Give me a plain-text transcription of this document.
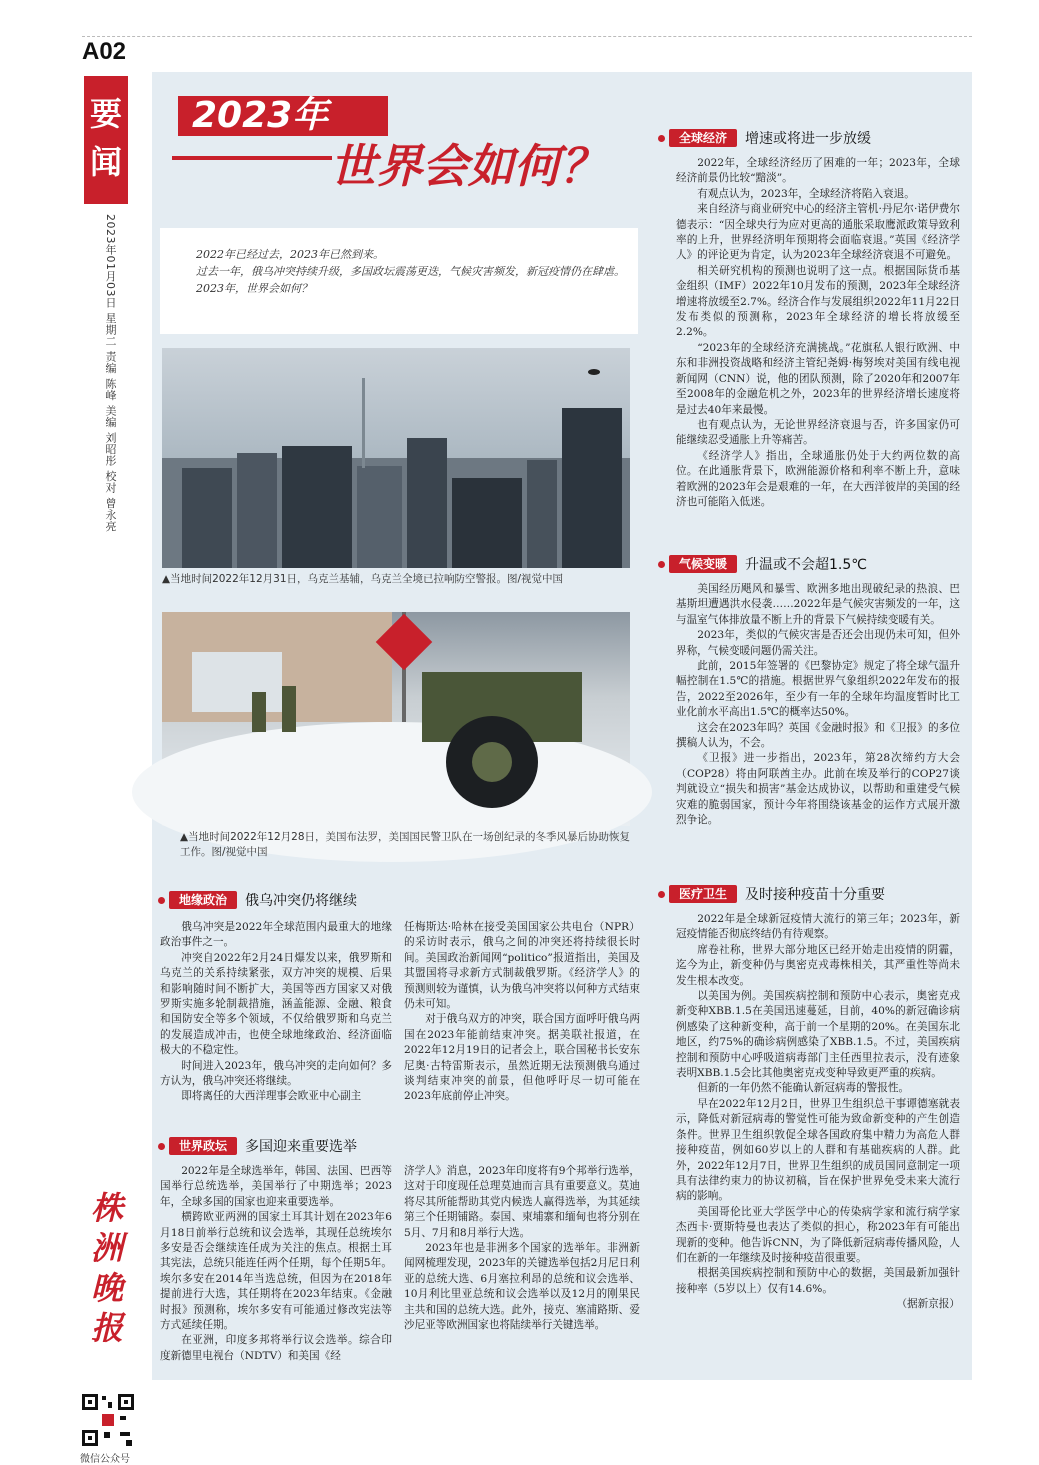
A02
要闻
2023年01月03日 星期二 责编 陈峰 美编 刘昭彤 校对 曾永亮
株洲晚报
2023年
世界会如何？
2022年已经过去，2023年已然到来。
过去一年，俄乌冲突持续升级，多国政坛震荡更迭，气候灾害频发，新冠疫情仍在肆虐。
2023年，世界会如何？
▲当地时间2022年12月31日，乌克兰基辅，乌克兰全境已拉响防空警报。图/视觉中国
▲当地时间2022年12月28日，美国布法罗，美国国民警卫队在一场创纪录的冬季风暴后协助恢复工作。图/视觉中国
全球经济	增速或将进一步放缓

2022年，全球经济经历了困难的一年；2023年，全球经济前景仍比较“黯淡”。

有观点认为，2023年，全球经济将陷入衰退。

来自经济与商业研究中心的经济主管机·丹尼尔·诺伊费尔德表示：“因全球央行为应对更高的通胀采取鹰派政策导致利率的上升，世界经济明年预期将会面临衰退。”英国《经济学人》的评论更为肯定，认为2023年全球经济衰退不可避免。

相关研究机构的预测也说明了这一点。根据国际货币基金组织（IMF）2022年10月发布的预测，2023年全球经济增速将放缓至2.7%。经济合作与发展组织2022年11月22日发布类似的预测称，2023年全球经济的增长将放缓至2.2%。

“2023年的全球经济充满挑战。”花旗私人银行欧洲、中东和非洲投资战略和经济主管纪尧姆·梅努埃对美国有线电视新闻网（CNN）说，他的团队预测，除了2020年和2007年至2008年的金融危机之外，2023年的世界经济增长速度将是过去40年来最慢。

也有观点认为，无论世界经济衰退与否，许多国家仍可能继续忍受通胀上升等痛苦。

《经济学人》指出，全球通胀仍处于大约两位数的高位。在此通胀背景下，欧洲能源价格和利率不断上升，意味着欧洲的2023年会是艰难的一年，在大西洋彼岸的美国的经济也可能陷入低迷。

气候变暖	升温或不会超1.5℃

美国经历飓风和暴雪、欧洲多地出现破纪录的热浪、巴基斯坦遭遇洪水侵袭……2022年是气候灾害频发的一年，这与温室气体排放量不断上升的背景下气候持续变暖有关。

2023年，类似的气候灾害是否还会出现仍未可知，但外界称，气候变暖问题仍需关注。

此前，2015年签署的《巴黎协定》规定了将全球气温升幅控制在1.5℃的措施。根据世界气象组织2022年发布的报告，2022至2026年，至少有一年的全球年均温度暂时比工业化前水平高出1.5℃的概率达50%。

这会在2023年吗？英国《金融时报》和《卫报》的多位撰稿人认为，不会。

《卫报》进一步指出，2023年，第28次缔约方大会（COP28）将由阿联酋主办。此前在埃及举行的COP27谈判就设立“损失和损害”基金达成协议，以帮助和重建受气候灾难的脆弱国家，预计今年将围绕该基金的运作方式展开激烈争论。

医疗卫生	及时接种疫苗十分重要

2022年是全球新冠疫情大流行的第三年；2023年，新冠疫情能否彻底终结仍有待观察。

席卷社称，世界大部分地区已经开始走出疫情的阴霾，迄今为止，新变种仍与奥密克戎毒株相关，其严重性等尚未发生根本改变。

以美国为例。美国疾病控制和预防中心表示，奥密克戎新变种XBB.1.5在美国迅速蔓延，目前，40%的新冠确诊病例感染了这种新变种，高于前一个星期的20%。在美国东北地区，约75%的确诊病例感染了XBB.1.5。不过，美国疾病控制和预防中心呼吸道病毒部门主任西里拉表示，没有迹象表明XBB.1.5会比其他奥密克戎变种导致更严重的疾病。

但新的一年仍然不能确认新冠病毒的警报性。

早在2022年12月2日，世界卫生组织总干事谭德塞就表示，降低对新冠病毒的警觉性可能为致命新变种的产生创造条件。世界卫生组织敦促全球各国政府集中精力为高危人群接种疫苗，例如60岁以上的人群和有基础疾病的人群。此外，2022年12月7日，世界卫生组织的成员国同意制定一项具有法律约束力的协议初稿，旨在保护世界免受未来大流行病的影响。

美国哥伦比亚大学医学中心的传染病学家和流行病学家杰西卡·贾斯特曼也表达了类似的担心，称2023年有可能出现新的变种。他告诉CNN，为了降低新冠病毒传播风险，人们在新的一年继续及时接种疫苗很重要。

根据美国疾病控制和预防中心的数据，美国最新加强针接种率（5岁以上）仅有14.6%。

（据新京报）
地缘政治	俄乌冲突仍将继续

俄乌冲突是2022年全球范围内最重大的地缘政治事件之一。

冲突自2022年2月24日爆发以来，俄罗斯和乌克兰的关系持续紧张，双方冲突的规模、后果和影响随时间不断扩大，美国等西方国家又对俄罗斯实施多轮制裁措施，涵盖能源、金融、粮食和国防安全等多个领域，不仅给俄罗斯和乌克兰的发展造成冲击，也使全球地缘政治、经济面临极大的不稳定性。

时间进入2023年，俄乌冲突的走向如何？多方认为，俄乌冲突还将继续。

即将离任的大西洋理事会欧亚中心副主

任梅斯达·哈林在接受美国国家公共电台（NPR）的采访时表示，俄乌之间的冲突还将持续很长时间。美国政治新闻网“politico”报道指出，美国及其盟国将寻求新方式制裁俄罗斯。《经济学人》的预测则较为谨慎，认为俄乌冲突将以何种方式结束仍未可知。

对于俄乌双方的冲突，联合国方面呼吁俄乌两国在2023年能前结束冲突。据美联社报道，在2022年12月19日的记者会上，联合国秘书长安东尼奥·古特雷斯表示，虽然近期无法预测俄乌通过谈判结束冲突的前景，但他呼吁尽一切可能在2023年底前停止冲突。

世界政坛	多国迎来重要选举

2022年是全球选举年，韩国、法国、巴西等国举行总统选举，美国举行了中期选举；2023年，全球多国的国家也迎来重要选举。

横跨欧亚两洲的国家土耳其计划在2023年6月18日前举行总统和议会选举，其现任总统埃尔多安是否会继续连任成为关注的焦点。根据土耳其宪法，总统只能连任两个任期，每个任期5年。埃尔多安在2014年当选总统，但因为在2018年提前进行大选，其任期将在2023年结束。《金融时报》预测称，埃尔多安有可能通过修改宪法等方式延续任期。

在亚洲，印度多邦将举行议会选举。综合印度新德里电视台（NDTV）和美国《经

济学人》消息，2023年印度将有9个邦举行选举，这对于印度现任总理莫迪而言具有重要意义。莫迪将尽其所能帮助其党内候选人赢得选举，为其延续第三个任期铺路。泰国、柬埔寨和缅甸也将分别在5月、7月和8月举行大选。

2023年也是非洲多个国家的选举年。非洲新闻网梳理发现，2023年的关键选举包括2月尼日利亚的总统大选、6月塞拉利昂的总统和议会选举、10月利比里亚总统和议会选举以及12月的刚果民主共和国的总统大选。此外，接克、塞浦路斯、爱沙尼亚等欧洲国家也将陆续举行关键选举。

微信公众号
